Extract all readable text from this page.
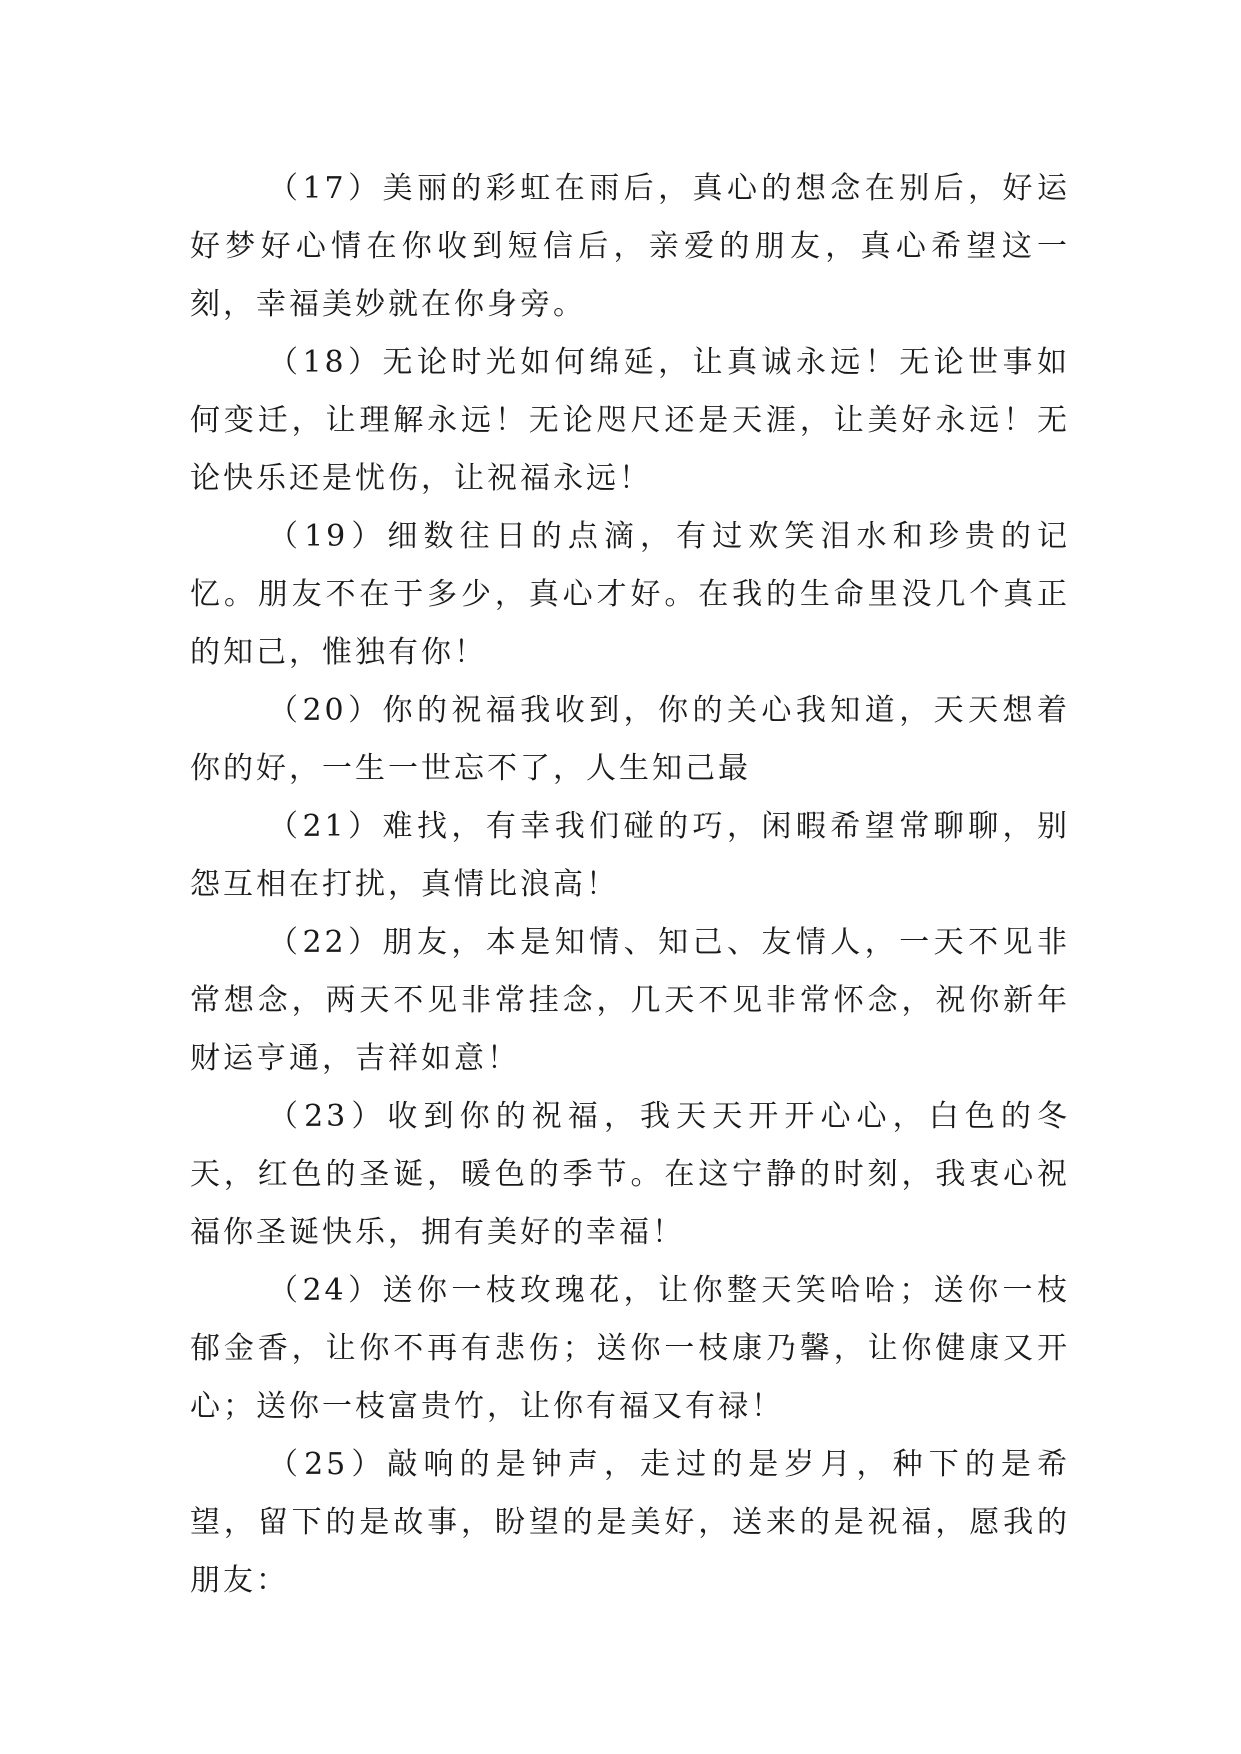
（17）美丽的彩虹在雨后，真心的想念在别后，好运好梦好心情在你收到短信后，亲爱的朋友，真心希望这一刻，幸福美妙就在你身旁。

（18）无论时光如何绵延，让真诚永远！无论世事如何变迁，让理解永远！无论咫尺还是天涯，让美好永远！无论快乐还是忧伤，让祝福永远！

（19）细数往日的点滴，有过欢笑泪水和珍贵的记忆。朋友不在于多少，真心才好。在我的生命里没几个真正的知己，惟独有你！

（20）你的祝福我收到，你的关心我知道，天天想着你的好，一生一世忘不了，人生知己最

（21）难找，有幸我们碰的巧，闲暇希望常聊聊，别怨互相在打扰，真情比浪高！

（22）朋友，本是知情、知己、友情人，一天不见非常想念，两天不见非常挂念，几天不见非常怀念，祝你新年财运亨通，吉祥如意！

（23）收到你的祝福，我天天开开心心，白色的冬天，红色的圣诞，暖色的季节。在这宁静的时刻，我衷心祝福你圣诞快乐，拥有美好的幸福！

（24）送你一枝玫瑰花，让你整天笑哈哈；送你一枝郁金香，让你不再有悲伤；送你一枝康乃馨，让你健康又开心；送你一枝富贵竹，让你有福又有禄！

（25）敲响的是钟声，走过的是岁月，种下的是希望，留下的是故事，盼望的是美好，送来的是祝福，愿我的朋友：
